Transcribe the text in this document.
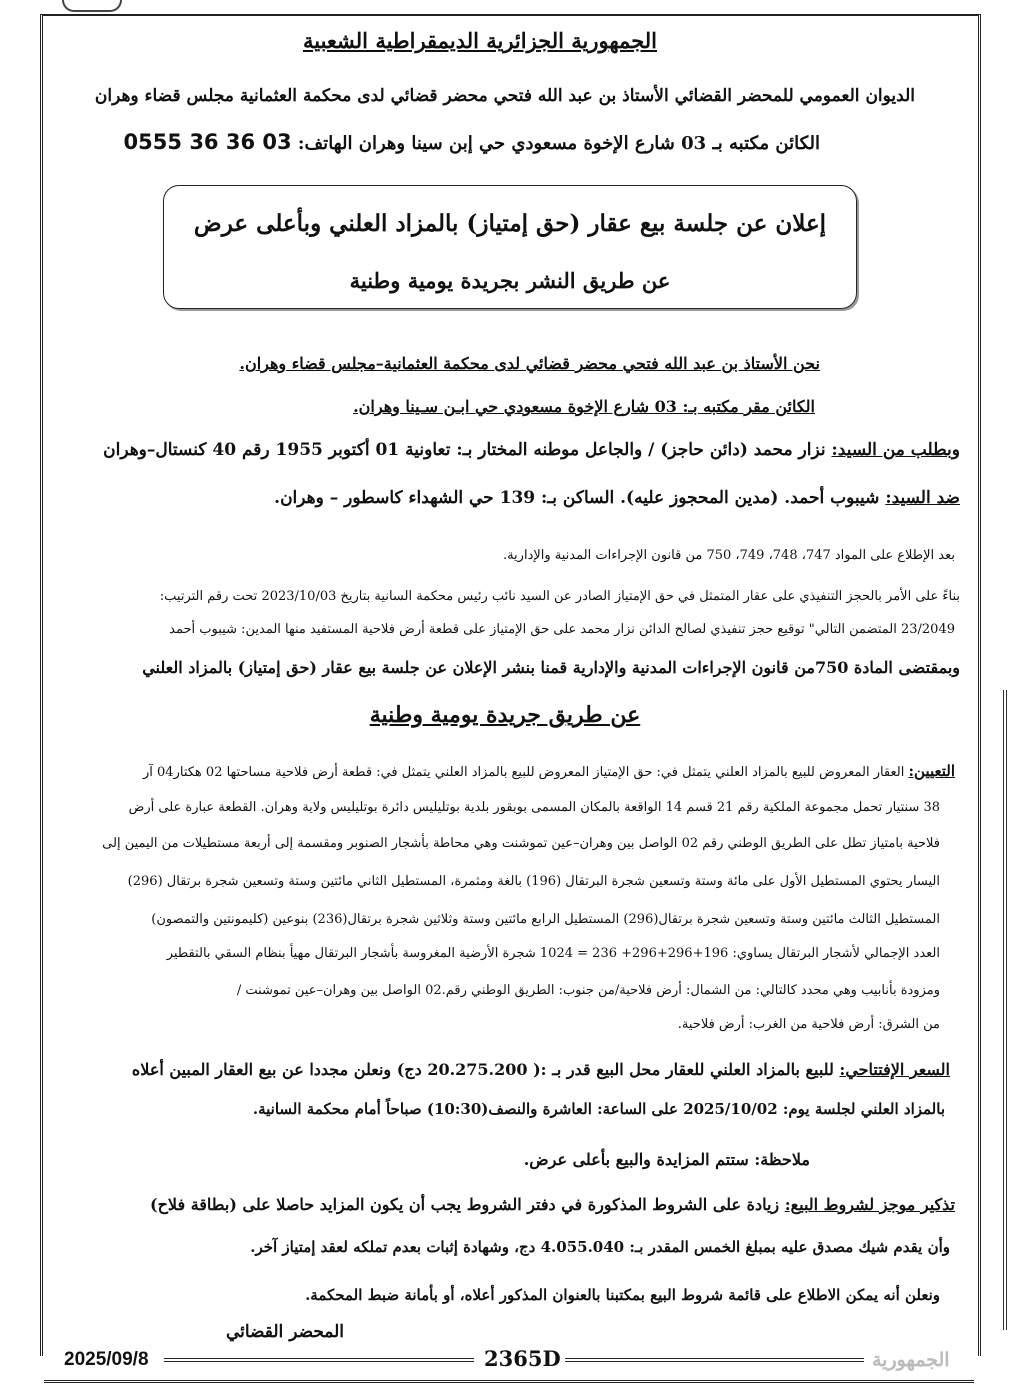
الجمهورية الجزائرية الديمقراطية الشعبية
الديوان العمومي للمحضر القضائي الأستاذ بن عبد الله فتحي محضر قضائي لدى محكمة العثمانية مجلس قضاء وهران
الكائن مكتبه بـ 03 شارع الإخوة مسعودي حي إبن سينا وهران الهاتف: 03 36 36 0555
إعلان عن جلسة بيع عقار (حق إمتياز) بالمزاد العلني وبأعلى عرض
عن طريق النشر بجريدة يومية وطنية
نحن الأستاذ بن عبد الله فتحي محضر قضائي لدى محكمة العثمانية–مجلس قضاء وهران.
الكائن مقر مكتبه بـ: 03 شارع الإخوة مسعودي حي ابـن سـينا وهران.
وبطلب من السيد: نزار محمد (دائن حاجز) / والجاعل موطنه المختار بـ: تعاونية 01 أكتوبر 1955 رقم 40 كنستال–وهران
ضد السيد: شيبوب أحمد. (مدين المحجوز عليه). الساكن بـ: 139 حي الشهداء كاسطور – وهران.
بعد الإطلاع على المواد 747، 748، 749، 750 من قانون الإجراءات المدنية والإدارية.
بناءً على الأمر بالحجز التنفيذي على عقار المتمثل في حق الإمتياز الصادر عن السيد نائب رئيس محكمة السانية بتاريخ 2023/10/03 تحت رقم الترتيب:
23/2049 المتضمن التالي" توقيع حجز تنفيذي لصالح الدائن نزار محمد على حق الإمتياز على قطعة أرض فلاحية المستفيد منها المدين: شيبوب أحمد
وبمقتضى المادة 750من قانون الإجراءات المدنية والإدارية قمنا بنشر الإعلان عن جلسة بيع عقار (حق إمتياز) بالمزاد العلني
عن طريق جريدة يومية وطنية
التعيين: العقار المعروض للبيع بالمزاد العلني يتمثل في: حق الإمتياز المعروض للبيع بالمزاد العلني يتمثل في: قطعة أرض فلاحية مساحتها 02 هكتار04 آر
38 سنتيار تحمل مجموعة الملكية رقم 21 قسم 14 الواقعة بالمكان المسمى بوبقور بلدية بوتليليس دائرة بوتليليس ولاية وهران. القطعة عبارة على أرض
فلاحية بامتياز تطل على الطريق الوطني رقم 02 الواصل بين وهران–عين تموشنت وهي محاطة بأشجار الصنوبر ومقسمة إلى أربعة مستطيلات من اليمين إلى
اليسار يحتوي المستطيل الأول على مائة وستة وتسعين شجرة البرتقال (196) بالغة ومثمرة، المستطيل الثاني مائتين وستة وتسعين شجرة برتقال (296)
المستطيل الثالث مائتين وستة وتسعين شجرة برتقال(296) المستطيل الرابع مائتين وستة وثلاثين شجرة برتقال(236) بنوعين (كليمونتين والتمصون)
العدد الإجمالي لأشجار البرتقال يساوي: 196+296+296+ 236 = 1024 شجرة الأرضية المغروسة بأشجار البرتقال مهيأ بنظام السقي بالتقطير
ومزودة بأنابيب وهي محدد كالتالي: من الشمال: أرض فلاحية/من جنوب: الطريق الوطني رقم.02 الواصل بين وهران–عين تموشنت /
من الشرق: أرض فلاحية من الغرب: أرض فلاحية.
السعر الإفتتاحي: للبيع بالمزاد العلني للعقار محل البيع قدر بـ :( 20.275.200 دج) ونعلن مجددا عن بيع العقار المبين أعلاه
بالمزاد العلني لجلسة يوم: 2025/10/02 على الساعة: العاشرة والنصف(10:30) صباحاً أمام محكمة السانية.
ملاحظة: ستتم المزايدة والبيع بأعلى عرض.
تذكير موجز لشروط البيع: زيادة على الشروط المذكورة في دفتر الشروط يجب أن يكون المزايد حاصلا على (بطاقة فلاح)
وأن يقدم شيك مصدق عليه بمبلغ الخمس المقدر بـ: 4.055.040 دج، وشهادة إثبات بعدم تملكه لعقد إمتياز آخر.
ونعلن أنه يمكن الاطلاع على قائمة شروط البيع بمكتبنا بالعنوان المذكور أعلاه، أو بأمانة ضبط المحكمة.
المحضر القضائي
2025/09/8	2365D	الجمهورية
